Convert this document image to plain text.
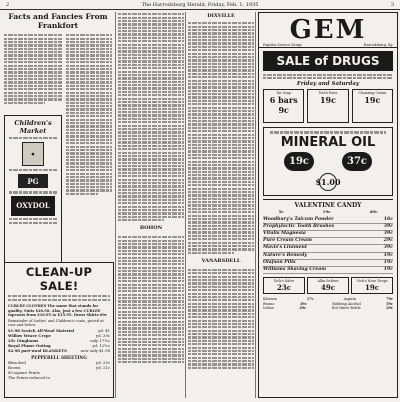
2	The Harrodsburg Herald, Friday, Feb. 1, 1935	3
Facts and Fancies From Frankfort
Children's Market
●
PG
OXYDOL
CLEAN-UP SALE!
CURLEE CLOTHES The name that stands for quality. Suits $20.50. Also, just a few CURLEE topcoats from $10.95 to $15.95. Dress Shirts 69c
Remainder of Ladies' and Children's coats, priced at cost and below.
$1.98 Scotch All-Wool Material	yd. $1
Willow Weave Crepe	yd. 39c
25c Ginghams	only 17½c
Royal Plume Outing	yd. 12½c
$2.98 part-wool BLANKETS	now only $1.98
PEPPERELL SHEETING
Bleached	yd. 25c
Brown	yd. 21c
80-square Prints
The Prints reduced to
BOHON
DIXVILLE
VANARSDELL
GEM
Popular Service Drugs	Harrodsburg, Ky.
SALE of DRUGS
Friday and Saturday
Tar Soap
6 bars 9c
Tooth Paste
19c
Cleansing Cream
19c
MINERAL OIL
19c	37c
$1.00
VALENTINE CANDY
5c	19c	49c
Woodbury's Talcum Powder	16c
Prophylactic Tooth Brushes	39c
Vitalis Magnesia	39c
Pure Cream Cream	29c
Mavis's Liniment	39c
Nature's Remedy	19c
Olafson Pills	19c
Williams Shaving Cream	19c
Vick's Salve
23c
Alka Seltzer
49c
Vick's Nose Drops
19c
Kleenex	17c	Aspirin	79c
Bromo	39c	Rubbing Alcohol	59c
Iodine	29c	Hot Water Bottle	29c
